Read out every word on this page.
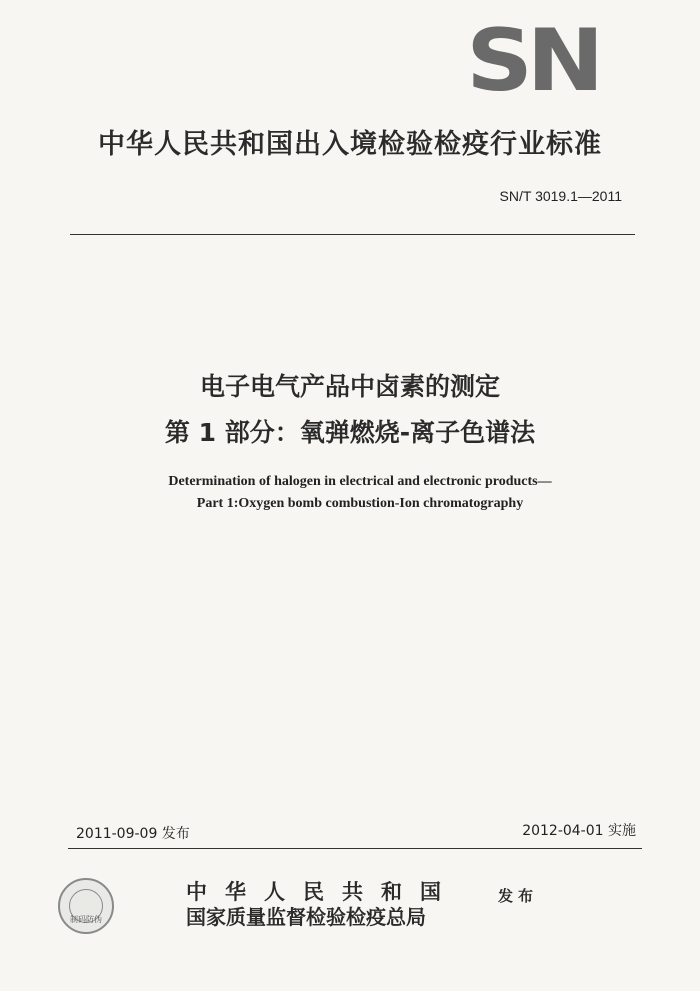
SN
中华人民共和国出入境检验检疫行业标准
SN/T 3019.1—2011
电子电气产品中卤素的测定
第 1 部分：氧弹燃烧-离子色谱法
Determination of halogen in electrical and electronic products—
Part 1:Oxygen bomb combustion-Ion chromatography
2011-09-09 发布	2012-04-01 实施
制码防伪
中华人民共和国
国家质量监督检验检疫总局
发布
